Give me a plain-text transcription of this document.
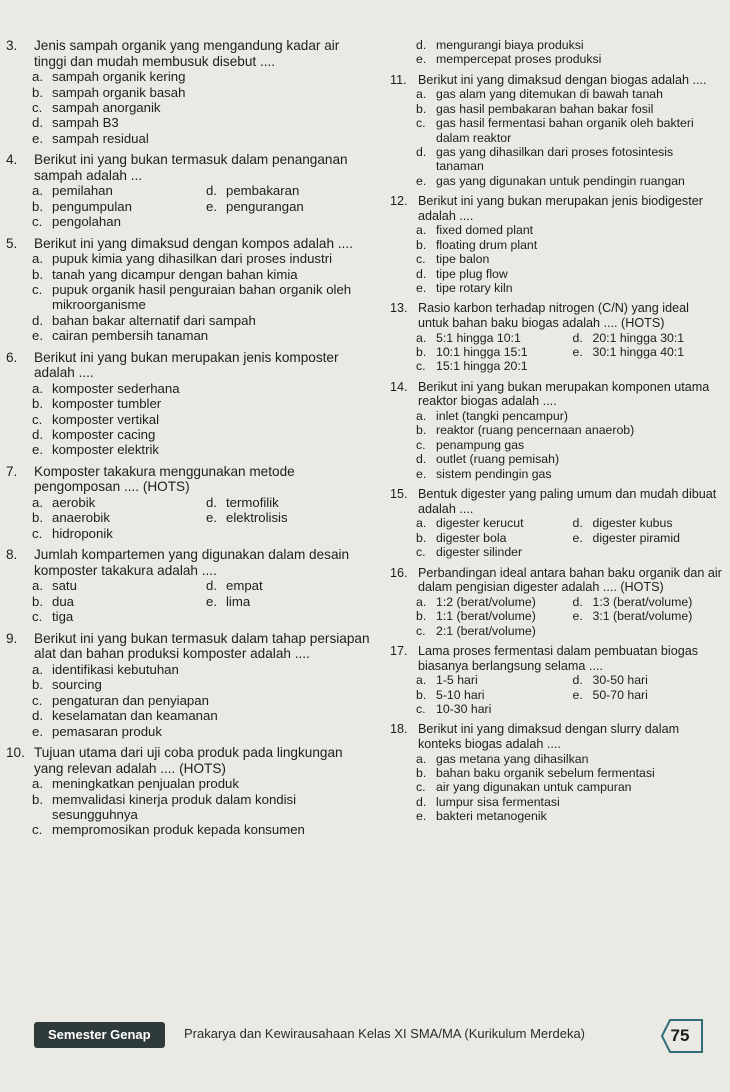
3.	Jenis sampah organik yang mengandung kadar air tinggi dan mudah membusuk disebut ....
a. sampah organik kering
b. sampah organik basah
c. sampah anorganik
d. sampah B3
e. sampah residual
4.	Berikut ini yang bukan termasuk dalam penanganan sampah adalah ...
a. pemilahan	d. pembakaran
b. pengumpulan	e. pengurangan
c. pengolahan
5.	Berikut ini yang dimaksud dengan kompos adalah ....
a. pupuk kimia yang dihasilkan dari proses industri
b. tanah yang dicampur dengan bahan kimia
c. pupuk organik hasil penguraian bahan organik oleh mikroorganisme
d. bahan bakar alternatif dari sampah
e. cairan pembersih tanaman
6.	Berikut ini yang bukan merupakan jenis komposter adalah ....
a. komposter sederhana
b. komposter tumbler
c. komposter vertikal
d. komposter cacing
e. komposter elektrik
7.	Komposter takakura menggunakan metode pengomposan .... (HOTS)
a. aerobik	d. termofilik
b. anaerobik	e. elektrolisis
c. hidroponik
8.	Jumlah kompartemen yang digunakan dalam desain komposter takakura adalah ....
a. satu	d. empat
b. dua	e. lima
c. tiga
9.	Berikut ini yang bukan termasuk dalam tahap persiapan alat dan bahan produksi komposter adalah ....
a. identifikasi kebutuhan
b. sourcing
c. pengaturan dan penyiapan
d. keselamatan dan keamanan
e. pemasaran produk
10. Tujuan utama dari uji coba produk pada lingkungan yang relevan adalah .... (HOTS)
a. meningkatkan penjualan produk
b. memvalidasi kinerja produk dalam kondisi sesungguhnya
c. mempromosikan produk kepada konsumen
d. mengurangi biaya produksi
e. mempercepat proses produksi
11. Berikut ini yang dimaksud dengan biogas adalah ....
a. gas alam yang ditemukan di bawah tanah
b. gas hasil pembakaran bahan bakar fosil
c. gas hasil fermentasi bahan organik oleh bakteri dalam reaktor
d. gas yang dihasilkan dari proses fotosintesis tanaman
e. gas yang digunakan untuk pendingin ruangan
12. Berikut ini yang bukan merupakan jenis biodigester adalah ....
a. fixed domed plant
b. floating drum plant
c. tipe balon
d. tipe plug flow
e. tipe rotary kiln
13. Rasio karbon terhadap nitrogen (C/N) yang ideal untuk bahan baku biogas adalah .... (HOTS)
a. 5:1 hingga 10:1	d. 20:1 hingga 30:1
b. 10:1 hingga 15:1	e. 30:1 hingga 40:1
c. 15:1 hingga 20:1
14. Berikut ini yang bukan merupakan komponen utama reaktor biogas adalah ....
a. inlet (tangki pencampur)
b. reaktor (ruang pencernaan anaerob)
c. penampung gas
d. outlet (ruang pemisah)
e. sistem pendingin gas
15. Bentuk digester yang paling umum dan mudah dibuat adalah ....
a. digester kerucut	d. digester kubus
b. digester bola	e. digester piramid
c. digester silinder
16. Perbandingan ideal antara bahan baku organik dan air dalam pengisian digester adalah .... (HOTS)
a. 1:2 (berat/volume)	d. 1:3 (berat/volume)
b. 1:1 (berat/volume)	e. 3:1 (berat/volume)
c. 2:1 (berat/volume)
17. Lama proses fermentasi dalam pembuatan biogas biasanya berlangsung selama ....
a. 1-5 hari	d. 30-50 hari
b. 5-10 hari	e. 50-70 hari
c. 10-30 hari
18. Berikut ini yang dimaksud dengan slurry dalam konteks biogas adalah ....
a. gas metana yang dihasilkan
b. bahan baku organik sebelum fermentasi
c. air yang digunakan untuk campuran
d. lumpur sisa fermentasi
e. bakteri metanogenik
Semester Genap	Prakarya dan Kewirausahaan Kelas XI SMA/MA (Kurikulum Merdeka)	75
